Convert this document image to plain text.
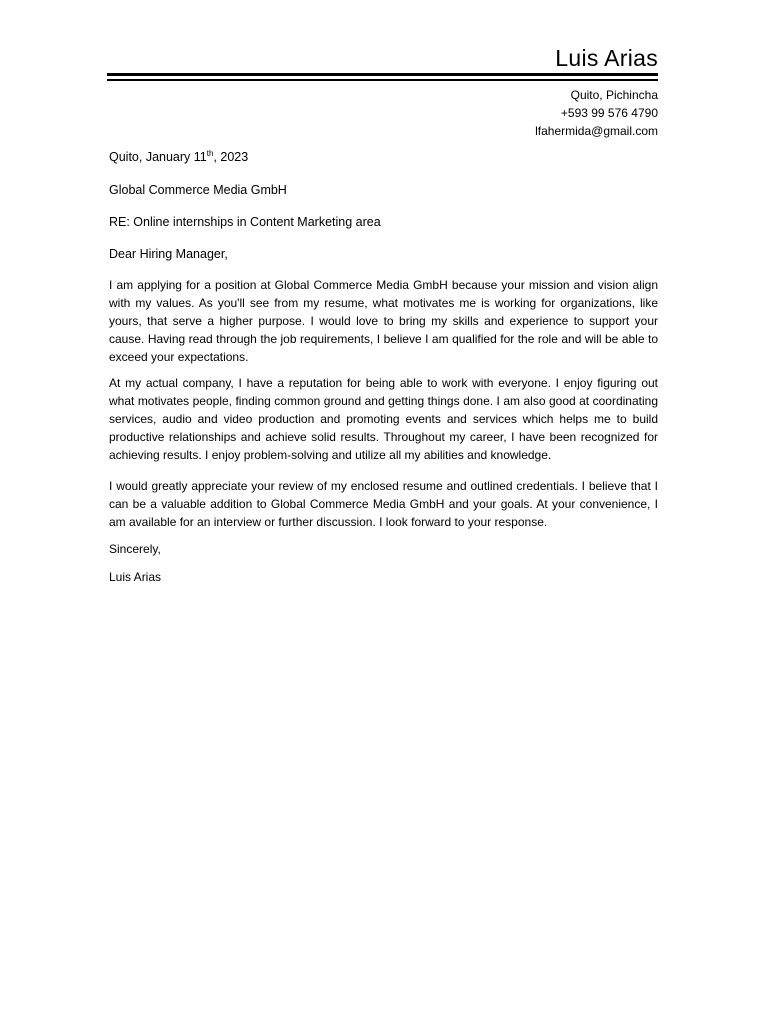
Luis Arias
Quito, Pichincha
+593 99 576 4790
lfahermida@gmail.com
Quito, January 11th, 2023
Global Commerce Media GmbH
RE: Online internships in Content Marketing area
Dear Hiring Manager,
I am applying for a position at Global Commerce Media GmbH because your mission and vision align with my values. As you'll see from my resume, what motivates me is working for organizations, like yours, that serve a higher purpose. I would love to bring my skills and experience to support your cause. Having read through the job requirements, I believe I am qualified for the role and will be able to exceed your expectations.
At my actual company, I have a reputation for being able to work with everyone. I enjoy figuring out what motivates people, finding common ground and getting things done. I am also good at coordinating services, audio and video production and promoting events and services which helps me to build productive relationships and achieve solid results. Throughout my career, I have been recognized for achieving results. I enjoy problem-solving and utilize all my abilities and knowledge.
I would greatly appreciate your review of my enclosed resume and outlined credentials. I believe that I can be a valuable addition to Global Commerce Media GmbH and your goals. At your convenience, I am available for an interview or further discussion. I look forward to your response.
Sincerely,
Luis Arias
